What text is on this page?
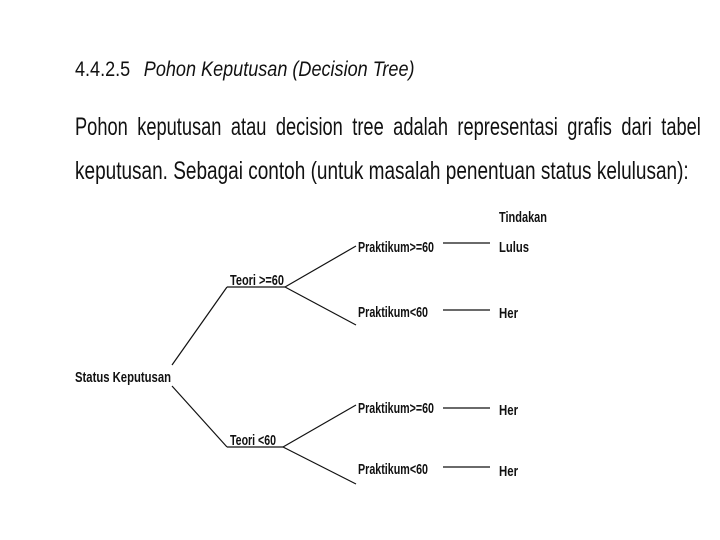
4.4.2.5 Pohon Keputusan (Decision Tree)
Pohon keputusan atau decision tree adalah representasi grafis dari tabel
keputusan. Sebagai contoh (untuk masalah penentuan status kelulusan):
Status Keputusan
Teori >=60
Teori <60
Praktikum>=60
Praktikum<60
Praktikum>=60
Praktikum<60
Tindakan
Lulus
Her
Her
Her
